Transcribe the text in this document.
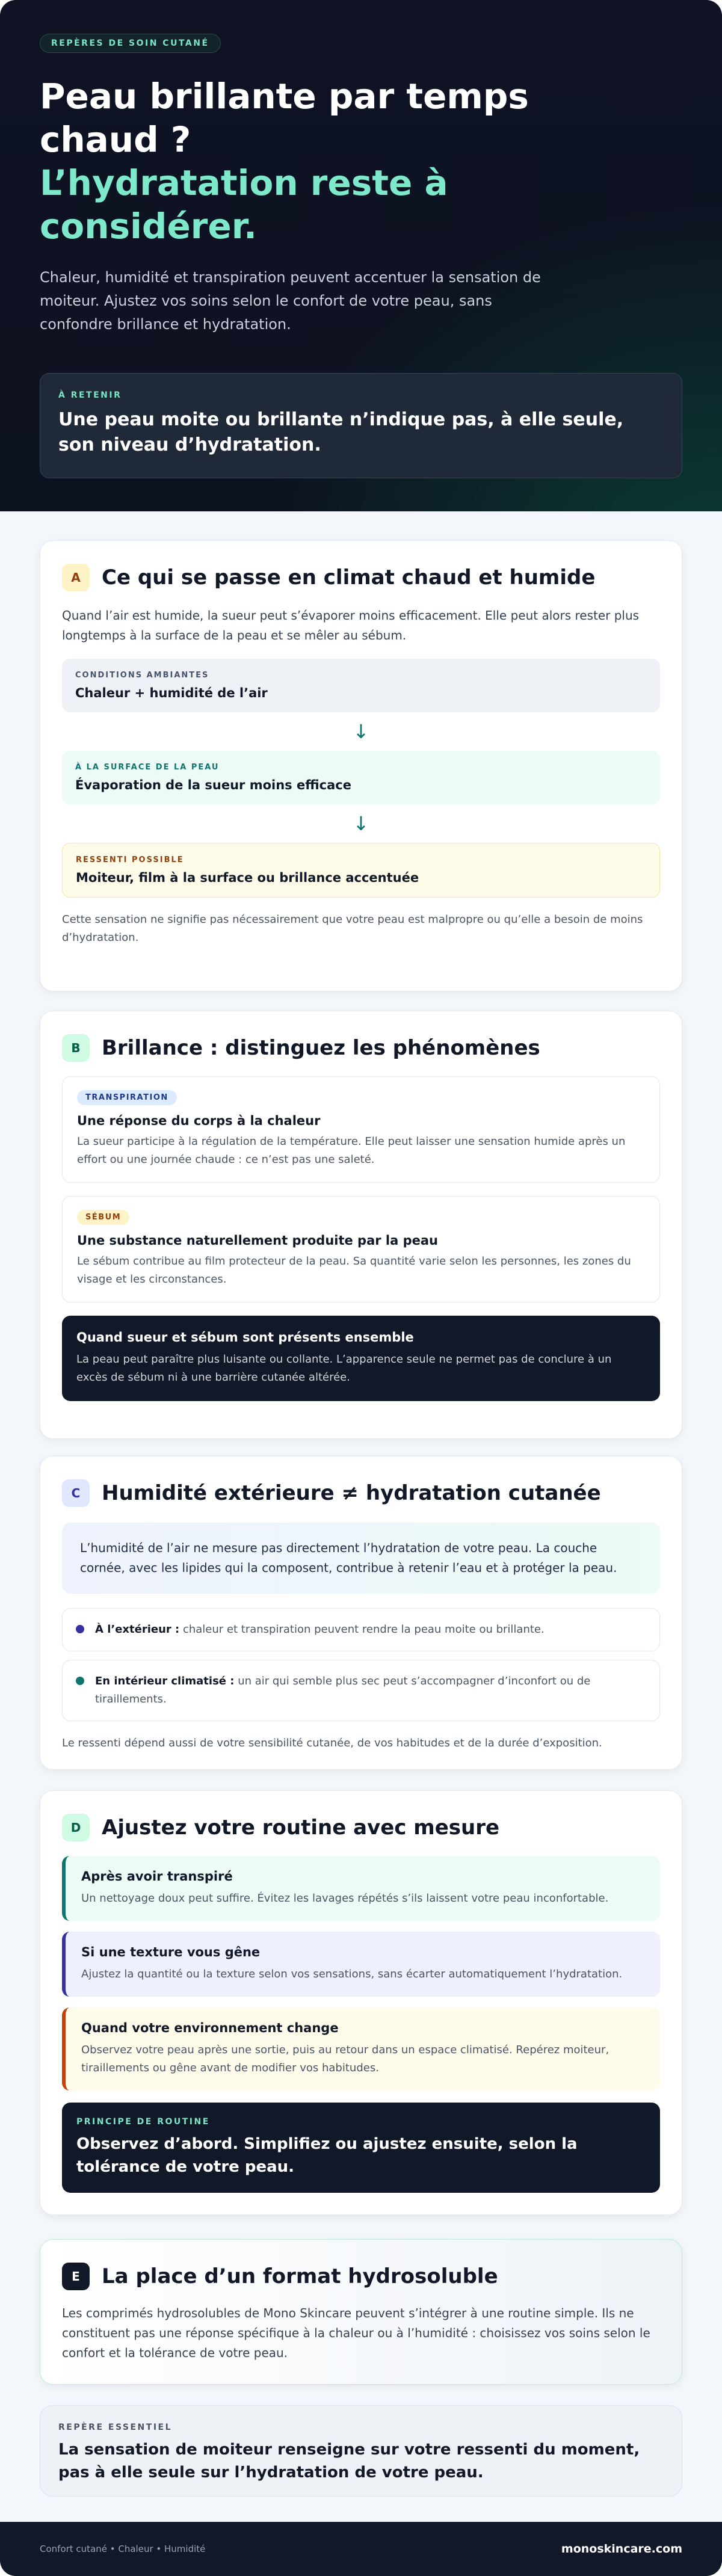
REPÈRES DE SOIN CUTANÉ
Peau brillante par temps chaud ?
L’hydratation reste à considérer.

Chaleur, humidité et transpiration peuvent accentuer la sensation de moiteur. Ajustez vos soins selon le confort de votre peau, sans confondre brillance et hydratation.

À RETENIR
Une peau moite ou brillante n’indique pas, à elle seule, son niveau d’hydratation.
A	Ce qui se passe en climat chaud et humide

Quand l’air est humide, la sueur peut s’évaporer moins efficacement. Elle peut alors rester plus longtemps à la surface de la peau et se mêler au sébum.

CONDITIONS AMBIANTES
Chaleur + humidité de l’air
↓
À LA SURFACE DE LA PEAU
Évaporation de la sueur moins efficace
↓
RESSENTI POSSIBLE
Moiteur, film à la surface ou brillance accentuée

Cette sensation ne signifie pas nécessairement que votre peau est malpropre ou qu’elle a besoin de moins d’hydratation.

B	Brillance : distinguez les phénomènes
TRANSPIRATION
Une réponse du corps à la chaleur
La sueur participe à la régulation de la température. Elle peut laisser une sensation humide après un effort ou une journée chaude : ce n’est pas une saleté.
SÉBUM
Une substance naturellement produite par la peau
Le sébum contribue au film protecteur de la peau. Sa quantité varie selon les personnes, les zones du visage et les circonstances.
Quand sueur et sébum sont présents ensemble
La peau peut paraître plus luisante ou collante. L’apparence seule ne permet pas de conclure à un excès de sébum ni à une barrière cutanée altérée.
C	Humidité extérieure ≠ hydratation cutanée

L’humidité de l’air ne mesure pas directement l’hydratation de votre peau. La couche cornée, avec les lipides qui la composent, contribue à retenir l’eau et à protéger la peau.

À l’extérieur : chaleur et transpiration peuvent rendre la peau moite ou brillante.
En intérieur climatisé : un air qui semble plus sec peut s’accompagner d’inconfort ou de tiraillements.

Le ressenti dépend aussi de votre sensibilité cutanée, de vos habitudes et de la durée d’exposition.

D	Ajustez votre routine avec mesure
Après avoir transpiré
Un nettoyage doux peut suffire. Évitez les lavages répétés s’ils laissent votre peau inconfortable.
Si une texture vous gêne
Ajustez la quantité ou la texture selon vos sensations, sans écarter automatiquement l’hydratation.
Quand votre environnement change
Observez votre peau après une sortie, puis au retour dans un espace climatisé. Repérez moiteur, tiraillements ou gêne avant de modifier vos habitudes.
PRINCIPE DE ROUTINE
Observez d’abord. Simplifiez ou ajustez ensuite, selon la tolérance de votre peau.
E	La place d’un format hydrosoluble

Les comprimés hydrosolubles de Mono Skincare peuvent s’intégrer à une routine simple. Ils ne constituent pas une réponse spécifique à la chaleur ou à l’humidité : choisissez vos soins selon le confort et la tolérance de votre peau.

REPÈRE ESSENTIEL
La sensation de moiteur renseigne sur votre ressenti du moment, pas à elle seule sur l’hydratation de votre peau.
Confort cutané • Chaleur • Humidité	monoskincare.com
